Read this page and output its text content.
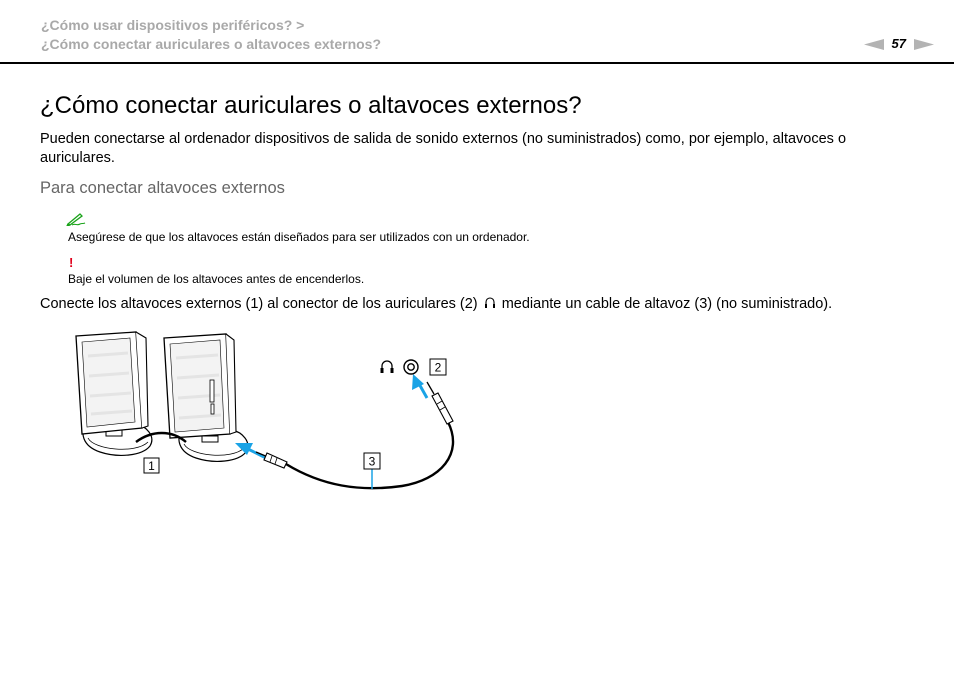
¿Cómo usar dispositivos periféricos? >
¿Cómo conectar auriculares o altavoces externos?	57
¿Cómo conectar auriculares o altavoces externos?

Pueden conectarse al ordenador dispositivos de salida de sonido externos (no suministrados) como, por ejemplo, altavoces o auriculares.

Para conectar altavoces externos
Asegúrese de que los altavoces están diseñados para ser utilizados con un ordenador.
!
Baje el volumen de los altavoces antes de encenderlos.

Conecte los altavoces externos (1) al conector de los auriculares (2) mediante un cable de altavoz (3) (no suministrado).

1
2
3
